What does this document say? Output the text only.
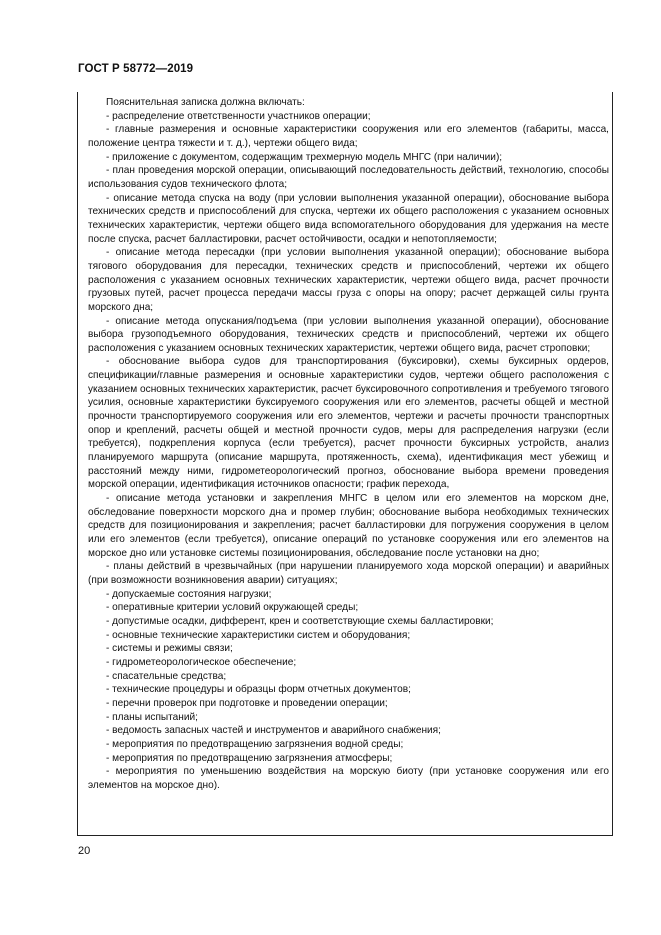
ГОСТ Р 58772—2019

Пояснительная записка должна включать:

- распределение ответственности участников операции;

- главные размерения и основные характеристики сооружения или его элементов (габариты, масса, положение центра тяжести и т. д.), чертежи общего вида;

- приложение с документом, содержащим трехмерную модель МНГС (при наличии);

- план проведения морской операции, описывающий последовательность действий, технологию, способы использования судов технического флота;

- описание метода спуска на воду (при условии выполнения указанной операции), обоснование выбора технических средств и приспособлений для спуска, чертежи их общего расположения с указанием основных технических характеристик, чертежи общего вида вспомогательного оборудования для удержания на месте после спуска, расчет балластировки, расчет остойчивости, осадки и непотопляемости;

- описание метода пересадки (при условии выполнения указанной операции); обоснование выбора тягового оборудования для пересадки, технических средств и приспособлений, чертежи их общего расположения с указанием основных технических характеристик, чертежи общего вида, расчет прочности грузовых путей, расчет процесса передачи массы груза с опоры на опору; расчет держащей силы грунта морского дна;

- описание метода опускания/подъема (при условии выполнения указанной операции), обоснование выбора грузоподъемного оборудования, технических средств и приспособлений, чертежи их общего расположения с указанием основных технических характеристик, чертежи общего вида, расчет строповки;

- обоснование выбора судов для транспортирования (буксировки), схемы буксирных ордеров, спецификации/главные размерения и основные характеристики судов, чертежи общего расположения с указанием основных технических характеристик, расчет буксировочного сопротивления и требуемого тягового усилия, основные характеристики буксируемого сооружения или его элементов, расчеты общей и местной прочности транспортируемого сооружения или его элементов, чертежи и расчеты прочности транспортных опор и креплений, расчеты общей и местной прочности судов, меры для распределения нагрузки (если требуется), подкрепления корпуса (если требуется), расчет прочности буксирных устройств, анализ планируемого маршрута (описание маршрута, протяженность, схема), идентификация мест убежищ и расстояний между ними, гидрометеорологический прогноз, обоснование выбора времени проведения морской операции, идентификация источников опасности; график перехода,

- описание метода установки и закрепления МНГС в целом или его элементов на морском дне, обследование поверхности морского дна и промер глубин; обоснование выбора необходимых технических средств для позиционирования и закрепления; расчет балластировки для погружения сооружения в целом или его элементов (если требуется), описание операций по установке сооружения или его элементов на морское дно или установке системы позиционирования, обследование после установки на дно;

- планы действий в чрезвычайных (при нарушении планируемого хода морской операции) и аварийных (при возможности возникновения аварии) ситуациях;

- допускаемые состояния нагрузки;

- оперативные критерии условий окружающей среды;

- допустимые осадки, дифферент, крен и соответствующие схемы балластировки;

- основные технические характеристики систем и оборудования;

- системы и режимы связи;

- гидрометеорологическое обеспечение;

- спасательные средства;

- технические процедуры и образцы форм отчетных документов;

- перечни проверок при подготовке и проведении операции;

- планы испытаний;

- ведомость запасных частей и инструментов и аварийного снабжения;

- мероприятия по предотвращению загрязнения водной среды;

- мероприятия по предотвращению загрязнения атмосферы;

- мероприятия по уменьшению воздействия на морскую биоту (при установке сооружения или его элементов на морское дно).

20
